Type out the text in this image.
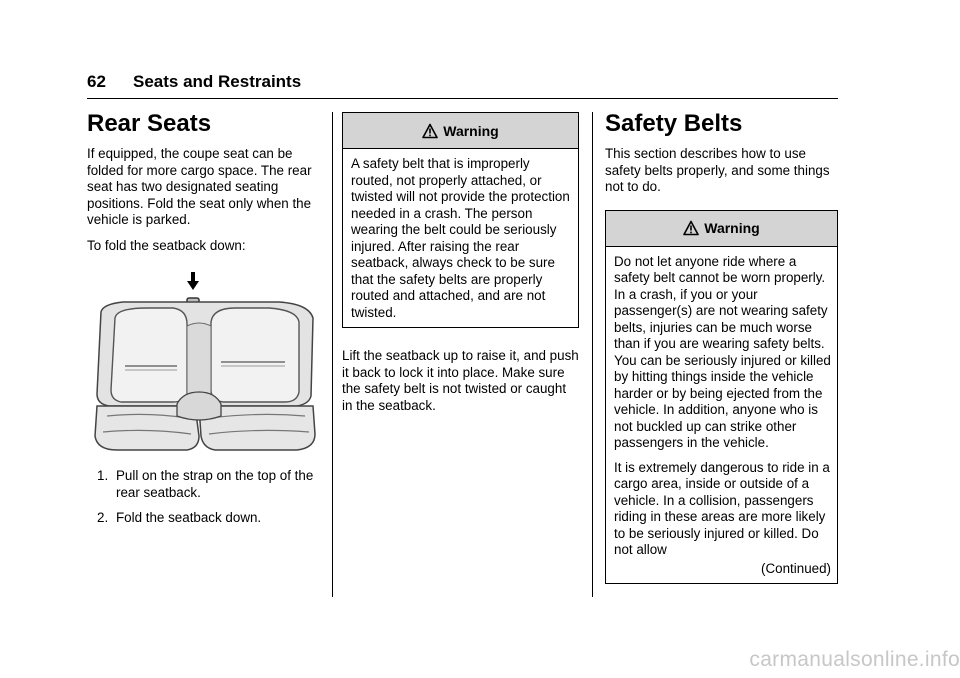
62 Seats and Restraints
Rear Seats

If equipped, the coupe seat can be folded for more cargo space. The rear seat has two designated seating positions. Fold the seat only when the vehicle is parked.

To fold the seatback down:

1. Pull on the strap on the top of the rear seatback.
2. Fold the seatback down.
Warning

A safety belt that is improperly routed, not properly attached, or twisted will not provide the protection needed in a crash. The person wearing the belt could be seriously injured. After raising the rear seatback, always check to be sure that the safety belts are properly routed and attached, and are not twisted.

Lift the seatback up to raise it, and push it back to lock it into place. Make sure the safety belt is not twisted or caught in the seatback.

Safety Belts

This section describes how to use safety belts properly, and some things not to do.

Warning

Do not let anyone ride where a safety belt cannot be worn properly. In a crash, if you or your passenger(s) are not wearing safety belts, injuries can be much worse than if you are wearing safety belts. You can be seriously injured or killed by hitting things inside the vehicle harder or by being ejected from the vehicle. In addition, anyone who is not buckled up can strike other passengers in the vehicle.

It is extremely dangerous to ride in a cargo area, inside or outside of a vehicle. In a collision, passengers riding in these areas are more likely to be seriously injured or killed. Do not allow

(Continued)
carmanualsonline.info
